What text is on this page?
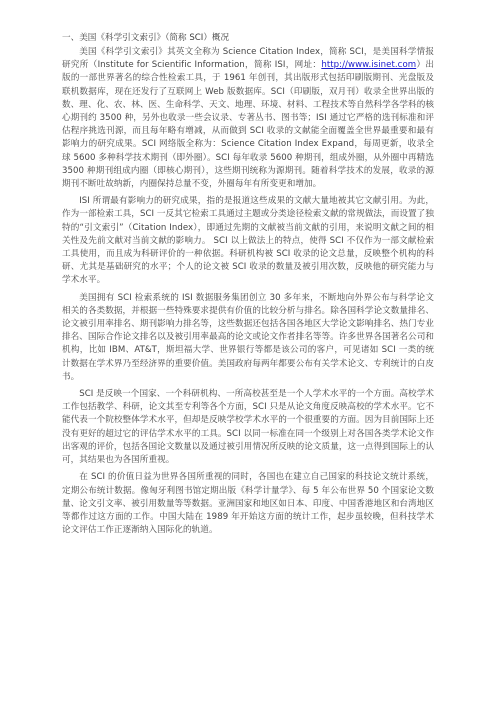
一、美国《科学引文索引》（简称 SCI）概况

美国《科学引文索引》其英文全称为 Science Citation Index，简称 SCI，是美国科学情报研究所（Institute for Scientific Information，简称 ISI，网址：http://www.isinet.com）出版的一部世界著名的综合性检索工具，于 1961 年创刊，其出版形式包括印刷版期刊、光盘版及联机数据库，现在还发行了互联网上 Web 版数据库。SCI（印刷版，双月刊）收录全世界出版的数、理、化、农、林、医、生命科学、天文、地理、环境、材料、工程技术等自然科学各学科的核心期刊约 3500 种，另外也收录一些会议录、专著丛书、图书等；ISI 通过它严格的选刊标准和评估程序挑选刊源，而且每年略有增减，从而做到 SCI 收录的文献能全面覆盖全世界最重要和最有影响力的研究成果。SCI 网络版全称为：Science Citation Index Expand，每周更新，收录全球 5600 多种科学技术期刊（即外圈）。SCI 每年收录 5600 种期刊，组成外圈，从外圈中再精选 3500 种期刊组成内圈（即核心期刊），这些期刊统称为源期刊。随着科学技术的发展，收录的源期刊不断吐故纳新，内圈保持总量不变，外圈每年有所变更和增加。

ISI 所谓最有影响力的研究成果，指的是报道这些成果的文献大量地被其它文献引用。为此，作为一部检索工具，SCI 一反其它检索工具通过主题或分类途径检索文献的常规做法，而设置了独特的“引文索引”（Citation Index），即通过先期的文献被当前文献的引用，来说明文献之间的相关性及先前文献对当前文献的影响力。 SCI 以上做法上的特点，使得 SCI 不仅作为一部文献检索工具使用，而且成为科研评价的一种依据。科研机构被 SCI 收录的论文总量，反映整个机构的科研、尤其是基础研究的水平；个人的论文被 SCI 收录的数量及被引用次数，反映他的研究能力与学术水平。

美国拥有 SCI 检索系统的 ISI 数据服务集团创立 30 多年来，不断地向外界公布与科学论文相关的各类数据，并根据一些特殊要求提供有价值的比较分析与排名。除各国科学论文数量排名、论文被引用率排名、期刊影响力排名等，这些数据还包括各国各地区大学论文影响排名、热门专业排名、国际合作论文排名以及被引用率最高的论文或论文作者排名等等。许多世界各国著名公司和机构，比如 IBM、AT&T，斯坦福大学、世界银行等都是该公司的客户，可见诸如 SCI 一类的统计数据在学术界乃至经济界的重要价值。美国政府每两年都要公布有关学术论文、专利统计的白皮书。

SCI 是反映一个国家、一个科研机构、一所高校甚至是一个人学术水平的一个方面。高校学术工作包括教学、科研，论文其至专利等各个方面，SCI 只是从论文角度反映高校的学术水平。它不能代表一个院校整体学术水平，但却是反映学校学术水平的一个很重要的方面。因为目前国际上还没有更好的超过它的评估学术水平的工具。SCI 以同一标准在同一个级别上对各国各类学术论文作出客观的评价，包括各国论文数量以及通过被引用情况所反映的论文质量，这一点得到国际上的认可，其结果也为各国所重视。

在 SCI 的价值日益为世界各国所重视的同时，各国也在建立自己国家的科技论文统计系统，定期公布统计数据。像匈牙利图书馆定期出版《科学计量学》、每 5 年公布世界 50 个国家论文数量、论文引文率、被引用数量等等数据。亚洲国家和地区如日本、印度、中国香港地区和台湾地区等都作过这方面的工作。中国大陆在 1989 年开始这方面的统计工作，起步虽较晚，但科技学术论文评估工作正逐渐纳入国际化的轨道。
